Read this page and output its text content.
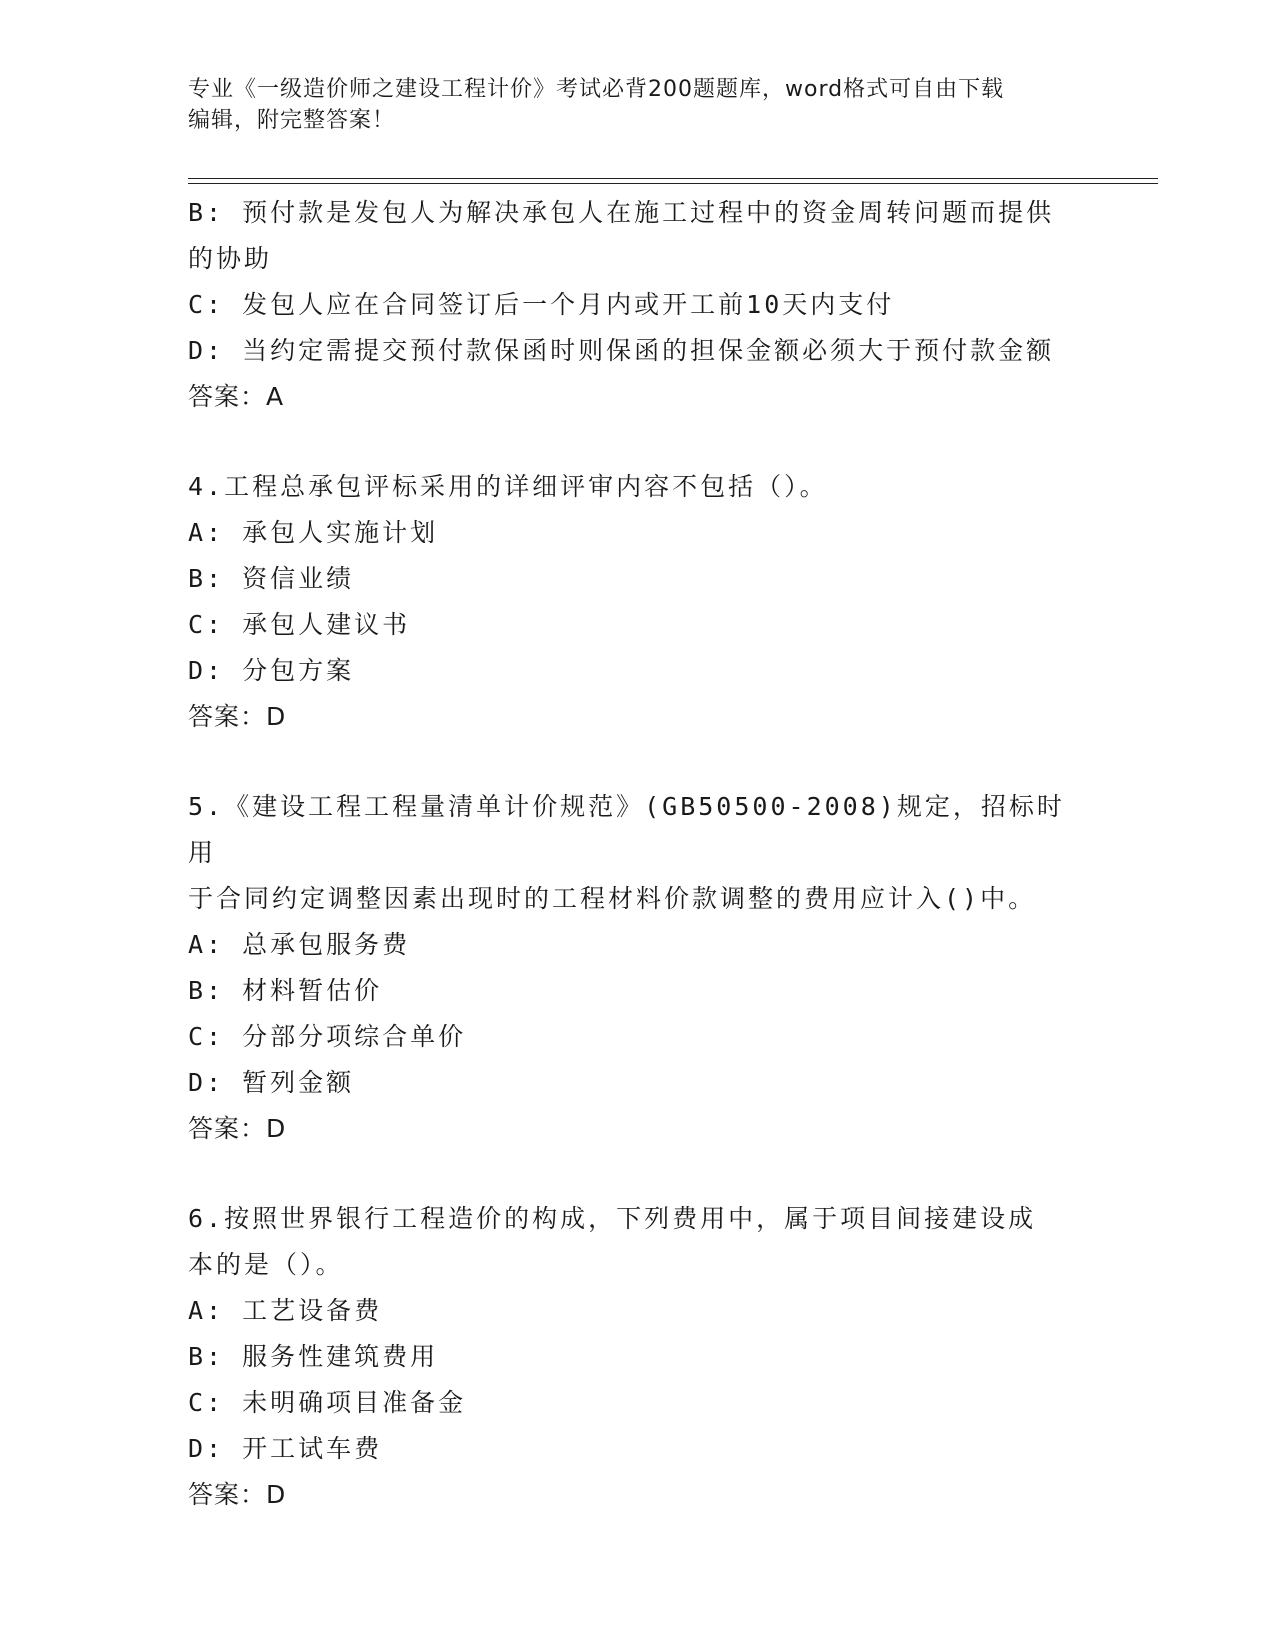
专业《一级造价师之建设工程计价》考试必背200题题库，word格式可自由下载
编辑，附完整答案！
B: 预付款是发包人为解决承包人在施工过程中的资金周转问题而提供
的协助
C: 发包人应在合同签订后一个月内或开工前10天内支付
D: 当约定需提交预付款保函时则保函的担保金额必须大于预付款金额
答案：A
4.工程总承包评标采用的详细评审内容不包括（）。
A: 承包人实施计划
B: 资信业绩
C: 承包人建议书
D: 分包方案
答案：D
5.《建设工程工程量清单计价规范》(GB50500-2008)规定，招标时用
于合同约定调整因素出现时的工程材料价款调整的费用应计入()中。
A: 总承包服务费
B: 材料暂估价
C: 分部分项综合单价
D: 暂列金额
答案：D
6.按照世界银行工程造价的构成，下列费用中，属于项目间接建设成
本的是（）。
A: 工艺设备费
B: 服务性建筑费用
C: 未明确项目准备金
D: 开工试车费
答案：D
